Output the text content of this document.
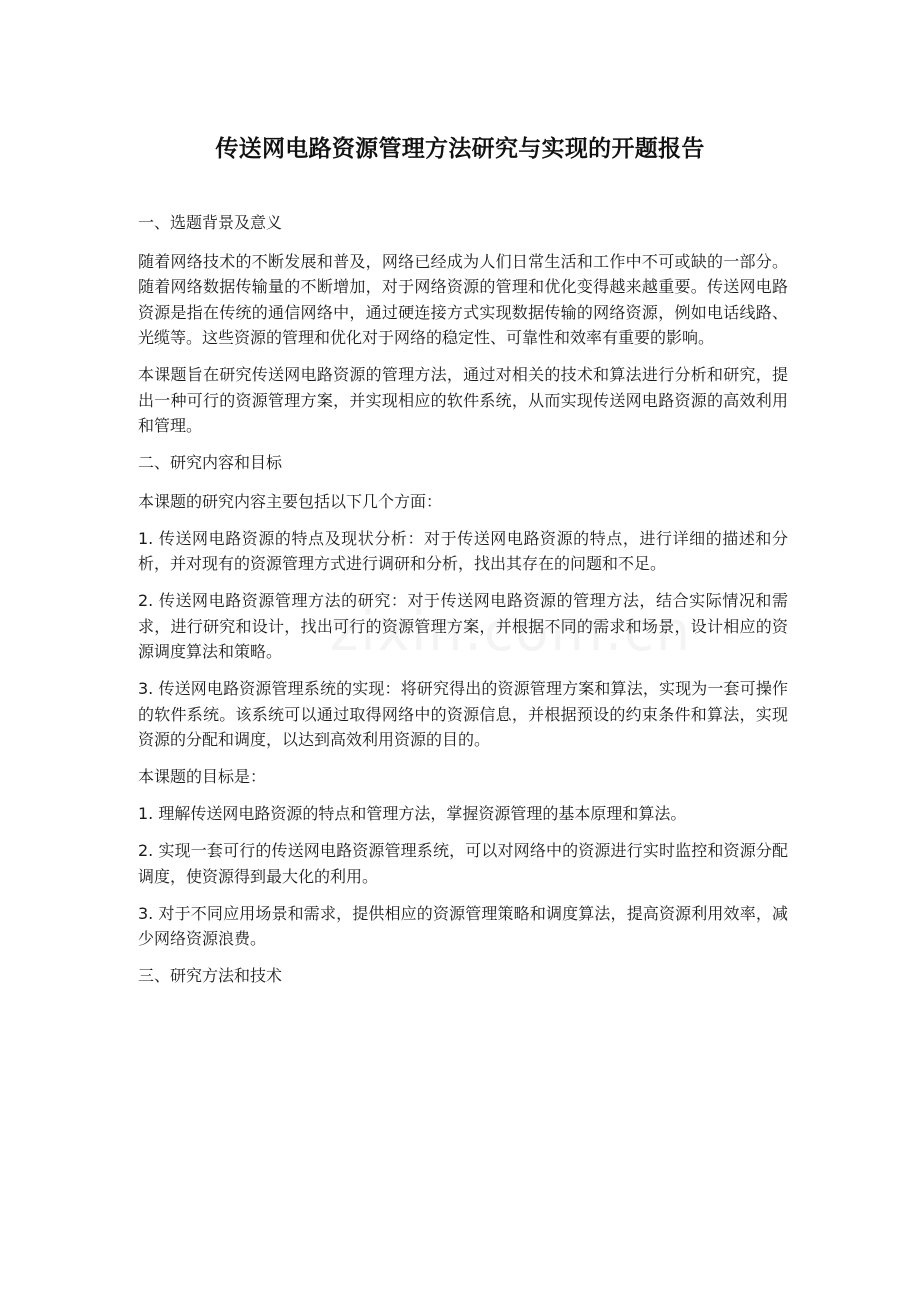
传送网电路资源管理方法研究与实现的开题报告

一、选题背景及意义

随着网络技术的不断发展和普及，网络已经成为人们日常生活和工作中不可或缺的一部分。随着网络数据传输量的不断增加，对于网络资源的管理和优化变得越来越重要。传送网电路资源是指在传统的通信网络中，通过硬连接方式实现数据传输的网络资源，例如电话线路、光缆等。这些资源的管理和优化对于网络的稳定性、可靠性和效率有重要的影响。

本课题旨在研究传送网电路资源的管理方法，通过对相关的技术和算法进行分析和研究，提出一种可行的资源管理方案，并实现相应的软件系统，从而实现传送网电路资源的高效利用和管理。

二、研究内容和目标

本课题的研究内容主要包括以下几个方面：

1. 传送网电路资源的特点及现状分析：对于传送网电路资源的特点，进行详细的描述和分析，并对现有的资源管理方式进行调研和分析，找出其存在的问题和不足。

2. 传送网电路资源管理方法的研究：对于传送网电路资源的管理方法，结合实际情况和需求，进行研究和设计，找出可行的资源管理方案，并根据不同的需求和场景，设计相应的资源调度算法和策略。

3. 传送网电路资源管理系统的实现：将研究得出的资源管理方案和算法，实现为一套可操作的软件系统。该系统可以通过取得网络中的资源信息，并根据预设的约束条件和算法，实现资源的分配和调度，以达到高效利用资源的目的。

本课题的目标是：

1. 理解传送网电路资源的特点和管理方法，掌握资源管理的基本原理和算法。

2. 实现一套可行的传送网电路资源管理系统，可以对网络中的资源进行实时监控和资源分配调度，使资源得到最大化的利用。

3. 对于不同应用场景和需求，提供相应的资源管理策略和调度算法，提高资源利用效率，减少网络资源浪费。

三、研究方法和技术
